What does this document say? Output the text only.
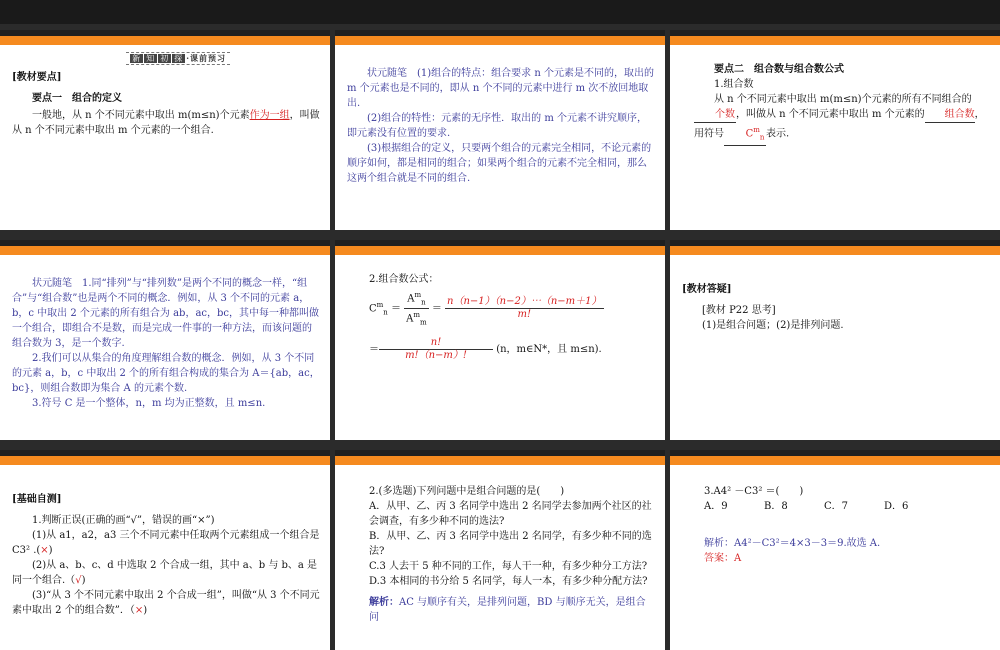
新 知 初 探 ·课前预习
[教材要点]

要点一　组合的定义

一般地，从 n 个不同元素中取出 m(m≤n)个元素作为一组，叫做从 n 个不同元素中取出 m 个元素的一个组合.

状元随笔　(1)组合的特点：组合要求 n 个元素是不同的，取出的 m 个元素也是不同的，即从 n 个不同的元素中进行 m 次不放回地取出.

(2)组合的特性：元素的无序性．取出的 m 个元素不讲究顺序，即元素没有位置的要求.

(3)根据组合的定义，只要两个组合的元素完全相同，不论元素的顺序如何，都是相同的组合；如果两个组合的元素不完全相同，那么这两个组合就是不同的组合.

要点二　组合数与组合数公式

1.组合数

从 n 个不同元素中取出 m(m≤n)个元素的所有不同组合的个数，叫做从 n 个不同元素中取出 m 个元素的 组合数，用符号 $C^m_n$ 表示.

状元随笔　1.同“排列”与“排列数”是两个不同的概念一样，“组合”与“组合数”也是两个不同的概念．例如，从 3 个不同的元素 a，b，c 中取出 2 个元素的所有组合为 ab，ac，bc，其中每一种都叫做一个组合，即组合不是数，而是完成一件事的一种方法，而该问题的组合数为 3，是一个数字.

2.我们可以从集合的角度理解组合数的概念．例如，从 3 个不同的元素 a，b，c 中取出 2 个的所有组合构成的集合为 A＝{ab，ac，bc}，则组合数即为集合 A 的元素个数.

3.符号 C 是一个整体，n，m 均为正整数，且 m≤n.

2.组合数公式：

$C^m_n = \frac{A^m_n}{A^m_m} = \frac{n(n-1)(n-2)\cdots(n-m+1)}{m!}$
＝ $\frac{n!}{m!(n-m)!} (n$，m∈N*，且 m≤n).
[教材答疑]

[教材 P22 思考]

(1)是组合问题；(2)是排列问题.

[基础自测]

1.判断正误(正确的画“√”，错误的画“×”)

(1)从 a1，a2，a3 三个不同元素中任取两个元素组成一个组合是 C3² .(×)

(2)从 a、b、c、d 中选取 2 个合成一组，其中 a、b 与 b、a 是同一个组合.（√)

(3)“从 3 个不同元素中取出 2 个合成一组”，叫做“从 3 个不同元素中取出 2 个的组合数”．（×)

2.(多选题)下列问题中是组合问题的是(　　)

A．从甲、乙、丙 3 名同学中选出 2 名同学去参加两个社区的社会调查，有多少种不同的选法?

B．从甲、乙、丙 3 名同学中选出 2 名同学，有多少种不同的选法?

C.3 人去干 5 种不同的工作，每人干一种，有多少种分工方法?

D.3 本相同的书分给 5 名同学，每人一本，有多少种分配方法?

解析：AC 与顺序有关，是排列问题，BD 与顺序无关，是组合问

3.A4² －C3² ＝(　　)

A．9	B．8	C．7	D．6

解析：A4²－C3²＝4×3－3＝9.故选 A.

答案：A
